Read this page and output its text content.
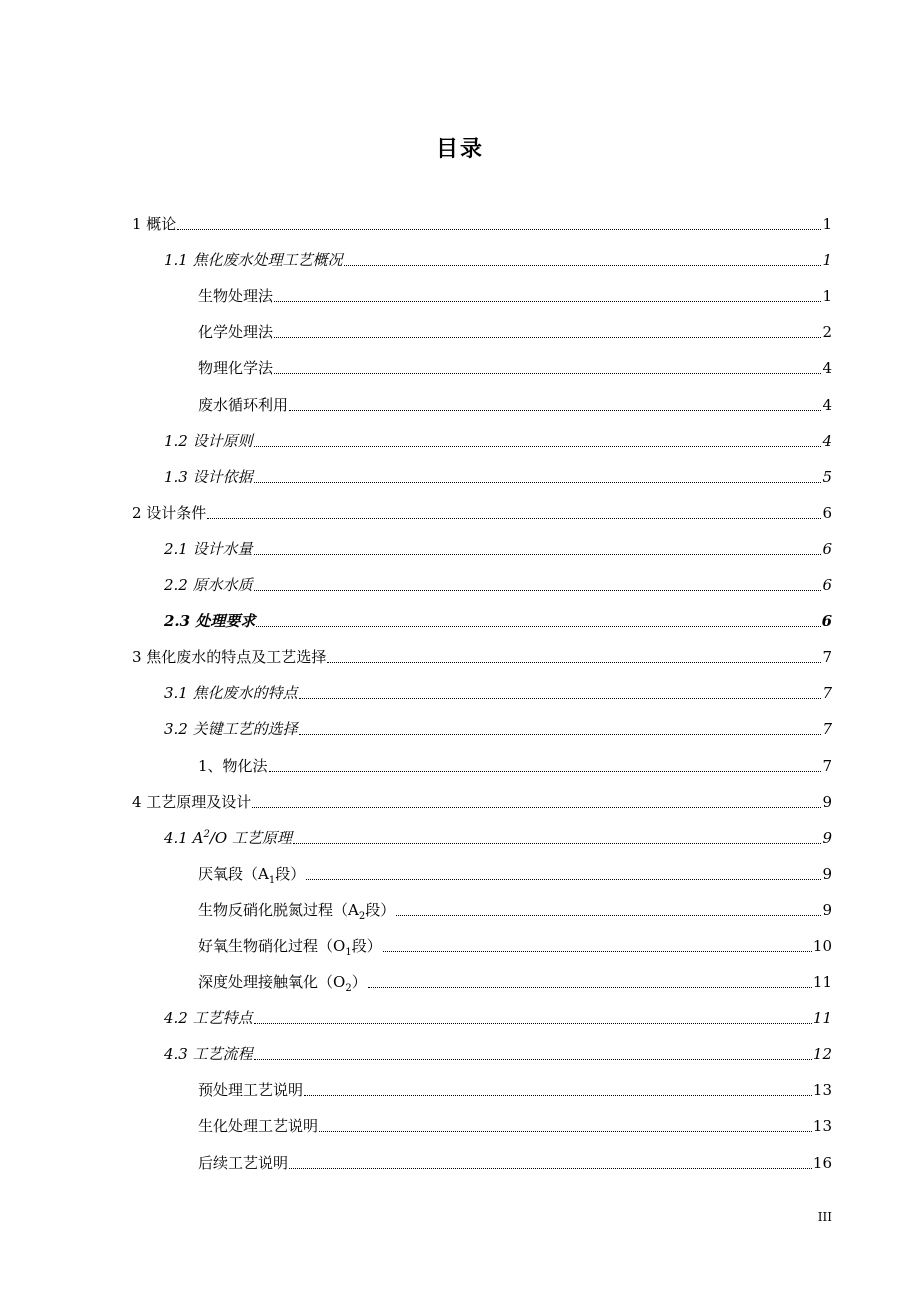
目录
1 概论	1
1.1 焦化废水处理工艺概况	1
生物处理法	1
化学处理法	2
物理化学法	4
废水循环利用	4
1.2 设计原则	4
1.3 设计依据	5
2 设计条件	6
2.1 设计水量	6
2.2 原水水质	6
2.3 处理要求	6
3 焦化废水的特点及工艺选择	7
3.1 焦化废水的特点	7
3.2 关键工艺的选择	7
1、物化法	7
4 工艺原理及设计	9
4.1 $A^2/O$ 工艺原理	9
厌氧段（$A_1$段）	9
生物反硝化脱氮过程（$A_2$段）	9
好氧生物硝化过程（$O_1$段）	10
深度处理接触氧化$(O_2)$	11
4.2 工艺特点	11
4.3 工艺流程	12
预处理工艺说明	13
生化处理工艺说明	13
后续工艺说明	16
III
